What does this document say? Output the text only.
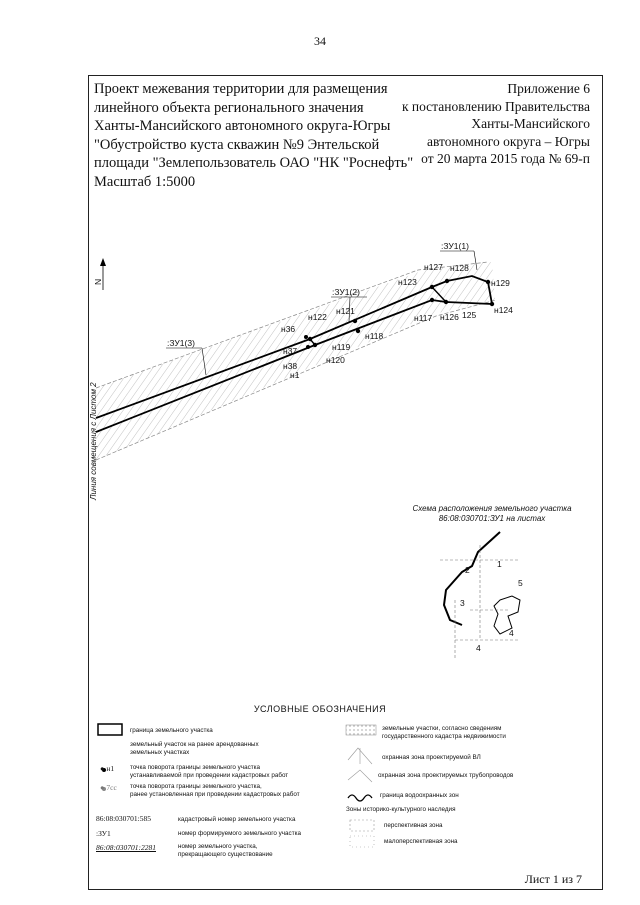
34
Проект межевания территории для размещения
линейного объекта регионального значения
Ханты-Мансийского автономного округа-Югры
"Обустройство куста скважин №9 Энтельской
площади "Землепользователь ОАО "НК "Роснефть"
Масштаб 1:5000
Приложение 6
к постановлению Правительства
Ханты-Мансийского
автономного округа – Югры
от 20 марта 2015 года № 69-п
:ЗУ1(1)
:ЗУ1(2)
:ЗУ1(3)
н127 н128
н123	н129
н122
н121
н36
н117 н126 125 н124
н118
н119
н37
н120
н38
н1
N
Линия совмещения с Листом 2
1
2
3
4
4
5
Схема расположения земельного участка
86:08:030701:ЗУ1 на листах
УСЛОВНЫЕ ОБОЗНАЧЕНИЯ
граница земельного участка
земельный участок на ранее арендованных
земельных участках
● н1	точка поворота границы земельного участка
устанавливаемой при проведении кадастровых работ
● 7сс точка поворота границы земельного участка,
ранее установленная при проведении кадастровых работ
86:08:030701:585	кадастровый номер земельного участка
:ЗУ1	номер формируемого земельного участка
86:08:030701:2281	номер земельного участка,
прекращающего существование
земельные участки, согласно сведениям
государственного кадастра недвижимости
охранная зона проектируемой ВЛ
охранная зона проектируемых трубопроводов
граница водоохранных зон
Зоны историко-культурного наследия
перспективная зона
малоперспективная зона
Лист 1 из 7
